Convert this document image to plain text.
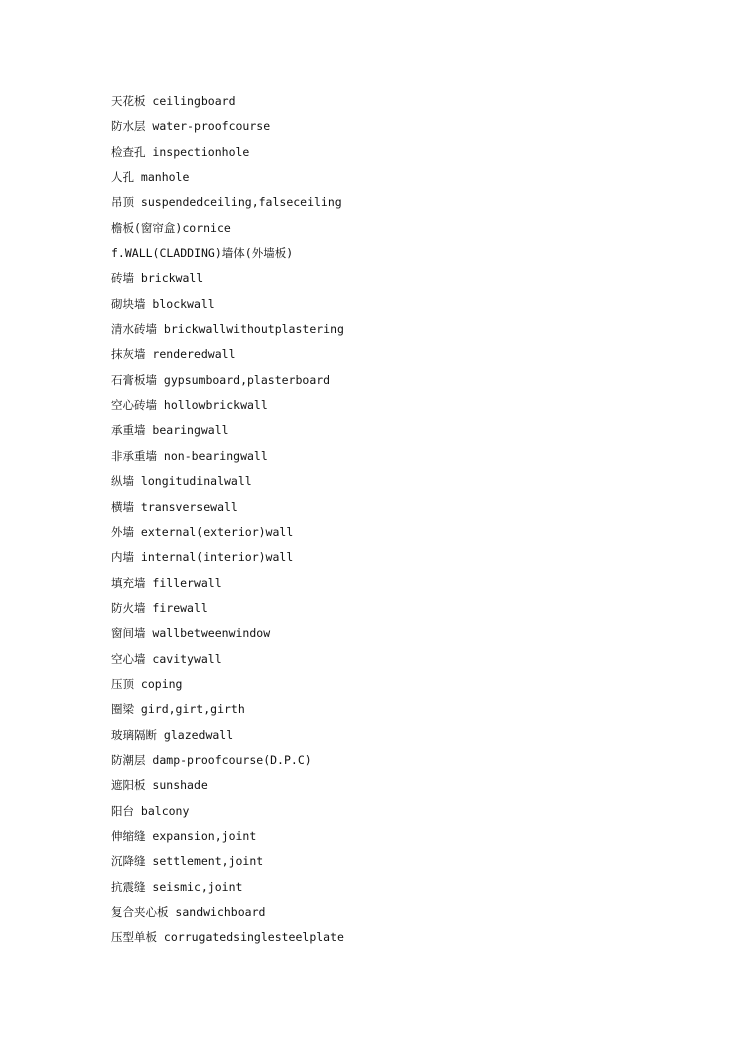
天花板 ceilingboard
防水层 water-proofcourse
检查孔 inspectionhole
人孔 manhole
吊顶 suspendedceiling,falseceiling
檐板(窗帘盒)cornice
f.WALL(CLADDING)墙体(外墙板)
砖墙 brickwall
砌块墙 blockwall
清水砖墙 brickwallwithoutplastering
抹灰墙 renderedwall
石膏板墙 gypsumboard,plasterboard
空心砖墙 hollowbrickwall
承重墙 bearingwall
非承重墙 non-bearingwall
纵墙 longitudinalwall
横墙 transversewall
外墙 external(exterior)wall
内墙 internal(interior)wall
填充墙 fillerwall
防火墙 firewall
窗间墙 wallbetweenwindow
空心墙 cavitywall
压顶 coping
圈梁 gird,girt,girth
玻璃隔断 glazedwall
防潮层 damp-proofcourse(D.P.C)
遮阳板 sunshade
阳台 balcony
伸缩缝 expansion,joint
沉降缝 settlement,joint
抗震缝 seismic,joint
复合夹心板 sandwichboard
压型单板 corrugatedsinglesteelplate
